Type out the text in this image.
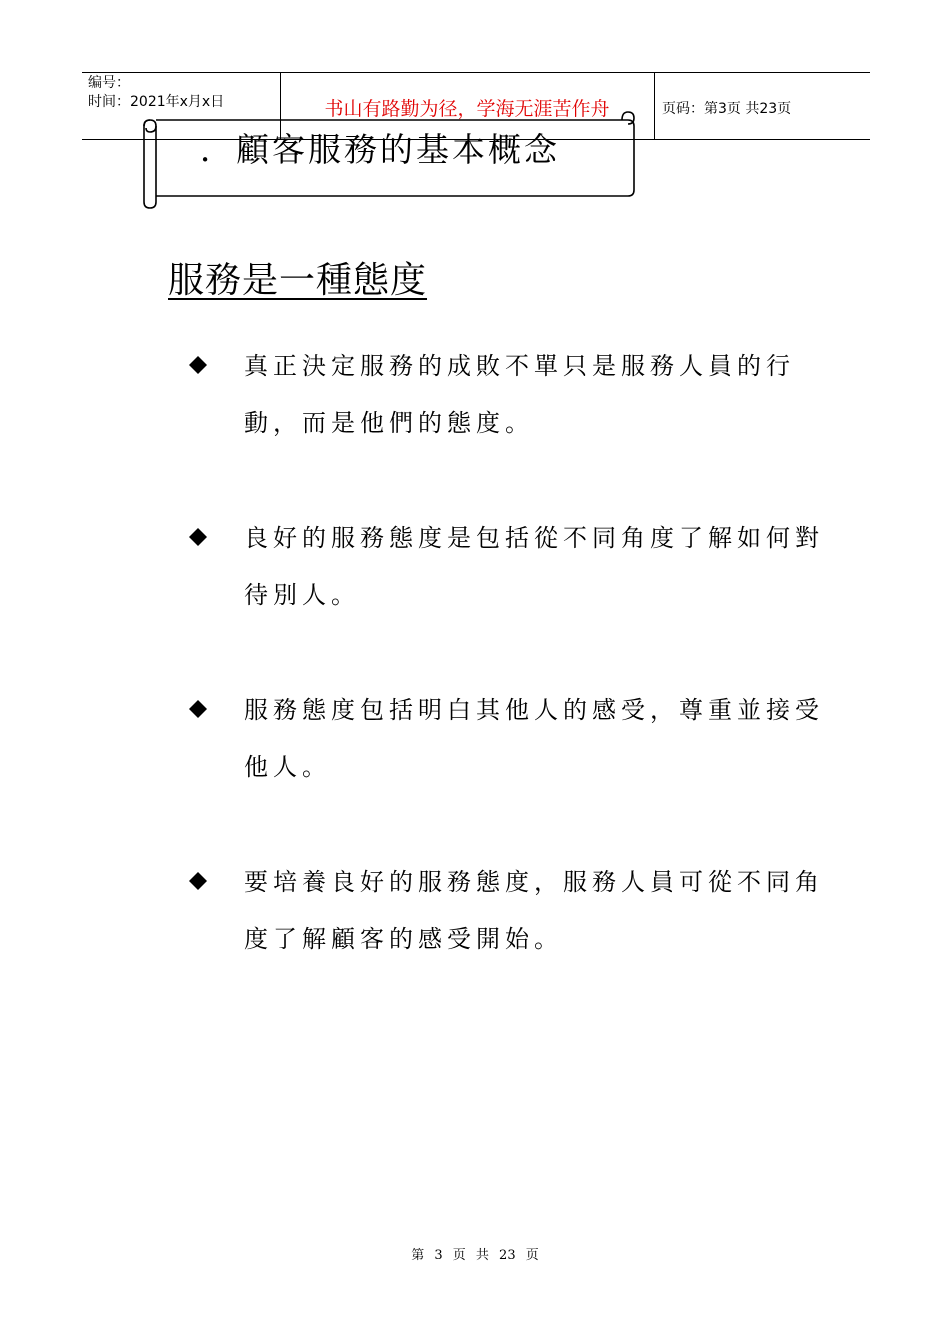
编号：
时间：2021年x月x日	书山有路勤为径，学海无涯苦作舟	页码：第3页 共23页
．顧客服務的基本概念
服務是一種態度
真正決定服務的成敗不單只是服務人員的行動，而是他們的態度。
良好的服務態度是包括從不同角度了解如何對待別人。
服務態度包括明白其他人的感受，尊重並接受他人。
要培養良好的服務態度，服務人員可從不同角度了解顧客的感受開始。
第 3 页 共 23 页
